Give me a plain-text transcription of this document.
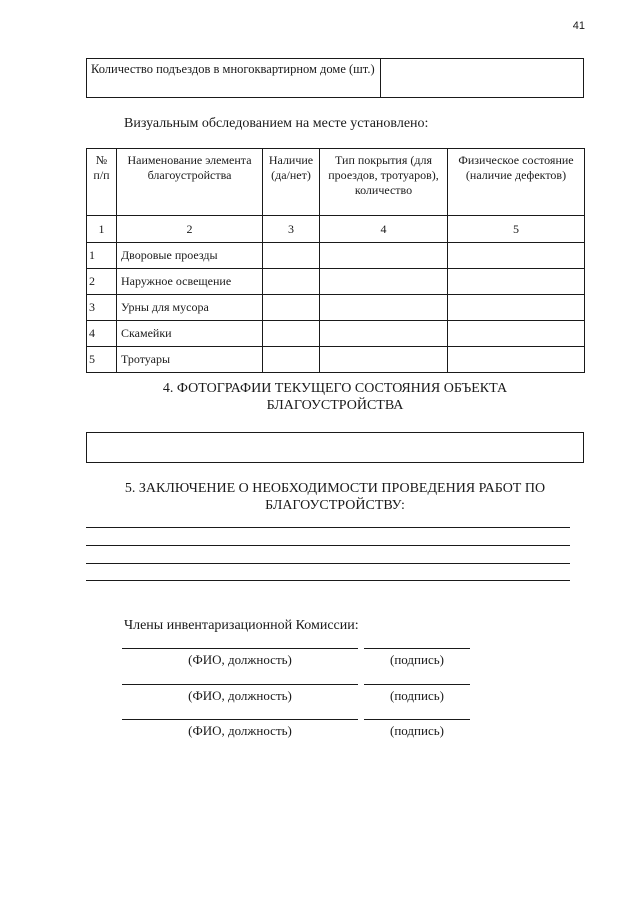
41
Количество подъездов в многоквартирном доме (шт.)	
Визуальным обследованием на месте установлено:
№ п/п	Наименование элемента благоустройства	Наличие (да/нет)	Тип покрытия (для проездов, тротуаров), количество	Физическое состояние (наличие дефектов)
1	2	3	4	5
1	Дворовые проезды			
2	Наружное освещение			
3	Урны для мусора			
4	Скамейки			
5	Тротуары			
4. ФОТОГРАФИИ ТЕКУЩЕГО СОСТОЯНИЯ ОБЪЕКТА
БЛАГОУСТРОЙСТВА
5. ЗАКЛЮЧЕНИЕ О НЕОБХОДИМОСТИ ПРОВЕДЕНИЯ РАБОТ ПО
БЛАГОУСТРОЙСТВУ:
Члены инвентаризационной Комиссии:
(ФИО, должность)	(подпись)
(ФИО, должность)	(подпись)
(ФИО, должность)	(подпись)
